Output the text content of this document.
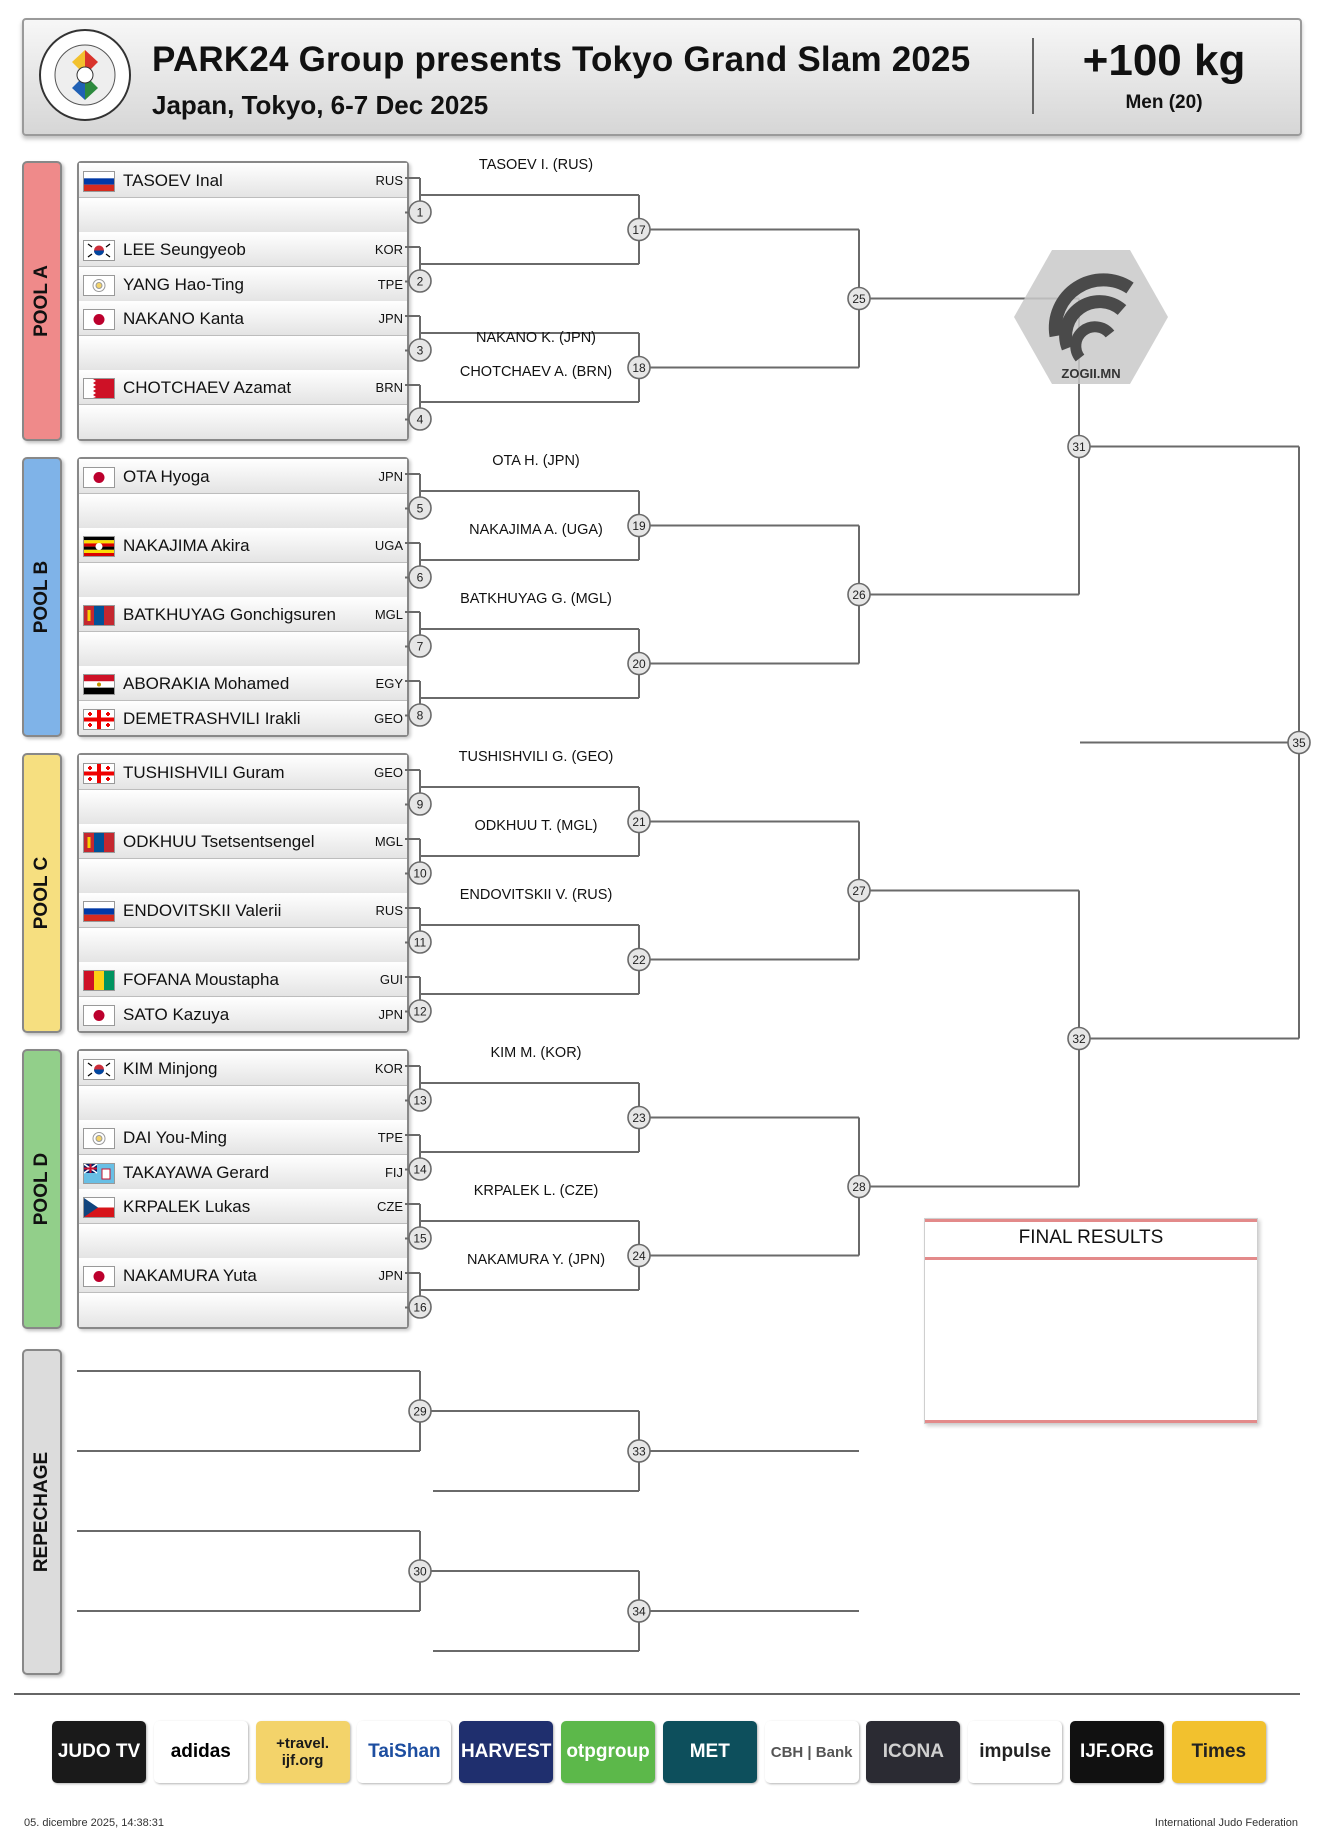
PARK24 Group presents Tokyo Grand Slam 2025
Japan, Tokyo, 6-7 Dec 2025
+100 kg
Men (20)
POOL A
POOL B
POOL C
POOL D
REPECHAGE
TASOEV Inal	RUS
LEE Seungyeob	KOR
YANG Hao-Ting	TPE
NAKANO Kanta	JPN
CHOTCHAEV Azamat	BRN
OTA Hyoga	JPN
NAKAJIMA Akira	UGA
BATKHUYAG Gonchigsuren	MGL
ABORAKIA Mohamed	EGY
DEMETRASHVILI Irakli	GEO
TUSHISHVILI Guram	GEO
ODKHUU Tsetsentsengel	MGL
ENDOVITSKII Valerii	RUS
FOFANA Moustapha	GUI
SATO Kazuya	JPN
KIM Minjong	KOR
DAI You-Ming	TPE
TAKAYAWA Gerard	FIJ
KRPALEK Lukas	CZE
NAKAMURA Yuta	JPN
1
2
3
4
5
6
7
8
9
10
11
12
13
14
15
16
17
18
19
20
21
22
23
24
25
26
27
28
31
32
35
29
33
30
34
TASOEV I. (RUS)
NAKANO K. (JPN)
CHOTCHAEV A. (BRN)
OTA H. (JPN)
NAKAJIMA A. (UGA)
BATKHUYAG G. (MGL)
TUSHISHVILI G. (GEO)
ODKHUU T. (MGL)
ENDOVITSKII V. (RUS)
KIM M. (KOR)
KRPALEK L. (CZE)
NAKAMURA Y. (JPN)
ZOGII.MN
FINAL RESULTS
JUDO TV	adidas	+travel. ijf.org	TaiShan	HARVEST otpgroup	MET	CBH | Bank	ICONA	impulse	IJF.ORG	Times
05. dicembre 2025, 14:38:31	International Judo Federation
